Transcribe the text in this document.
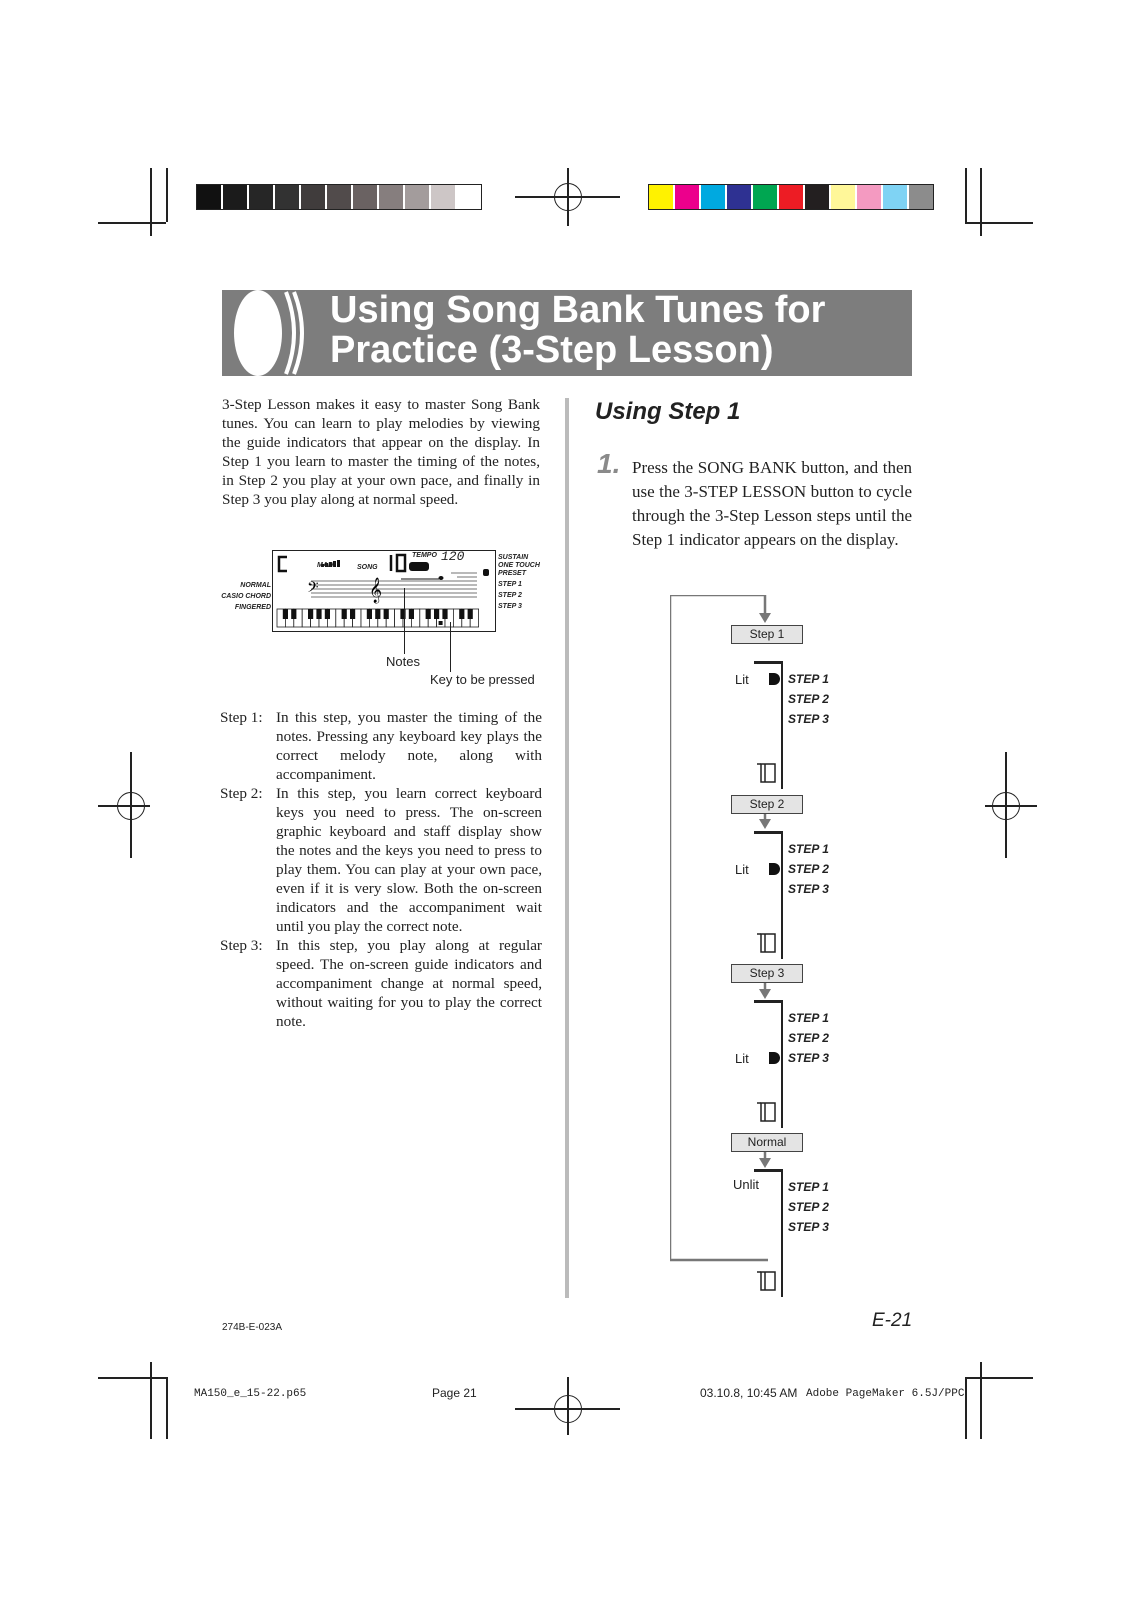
Using Song Bank Tunes for
Practice (3-Step Lesson)
3-Step Lesson makes it easy to master Song Bank tunes. You can learn to play melodies by viewing the guide indicators that appear on the display. In Step 1 you learn to master the timing of the notes, in Step 2 you play at your own pace, and finally in Step 3 you play along at normal speed.
NORMAL
CASIO CHORD
FINGERED
𝄢 𝄞
MAIN	SONG
TEMPO 120	SUSTAIN
ONE TOUCH
PRESET
STEP 1
STEP 2
STEP 3
Notes
Key to be pressed
Step 1: In this step, you master the timing of the notes. Pressing any keyboard key plays the correct melody note, along with accompaniment.
Step 2: In this step, you learn correct keyboard keys you need to press. The on-screen graphic keyboard and staff display show the notes and the keys you need to press to play them. You can play at your own pace, even if it is very slow. Both the on-screen indicators and the accompaniment wait until you play the correct note.
Step 3: In this step, you play along at regular speed. The on-screen guide indicators and accompaniment change at normal speed, without waiting for you to play the correct note.
Using Step 1
1. Press the SONG BANK button, and then use the 3-STEP LESSON button to cycle through the 3-Step Lesson steps until the Step 1 indicator appears on the display.
Step 1
STEP 1
STEP 2
STEP 3
Lit
Step 2
STEP 1
STEP 2
STEP 3
Lit
Step 3
STEP 1
STEP 2
STEP 3
Lit
Normal
STEP 1
STEP 2
STEP 3
Unlit
274B-E-023A	E-21
MA150_e_15-22.p65	Page 21	03.10.8, 10:45 AM Adobe PageMaker 6.5J/PPC
